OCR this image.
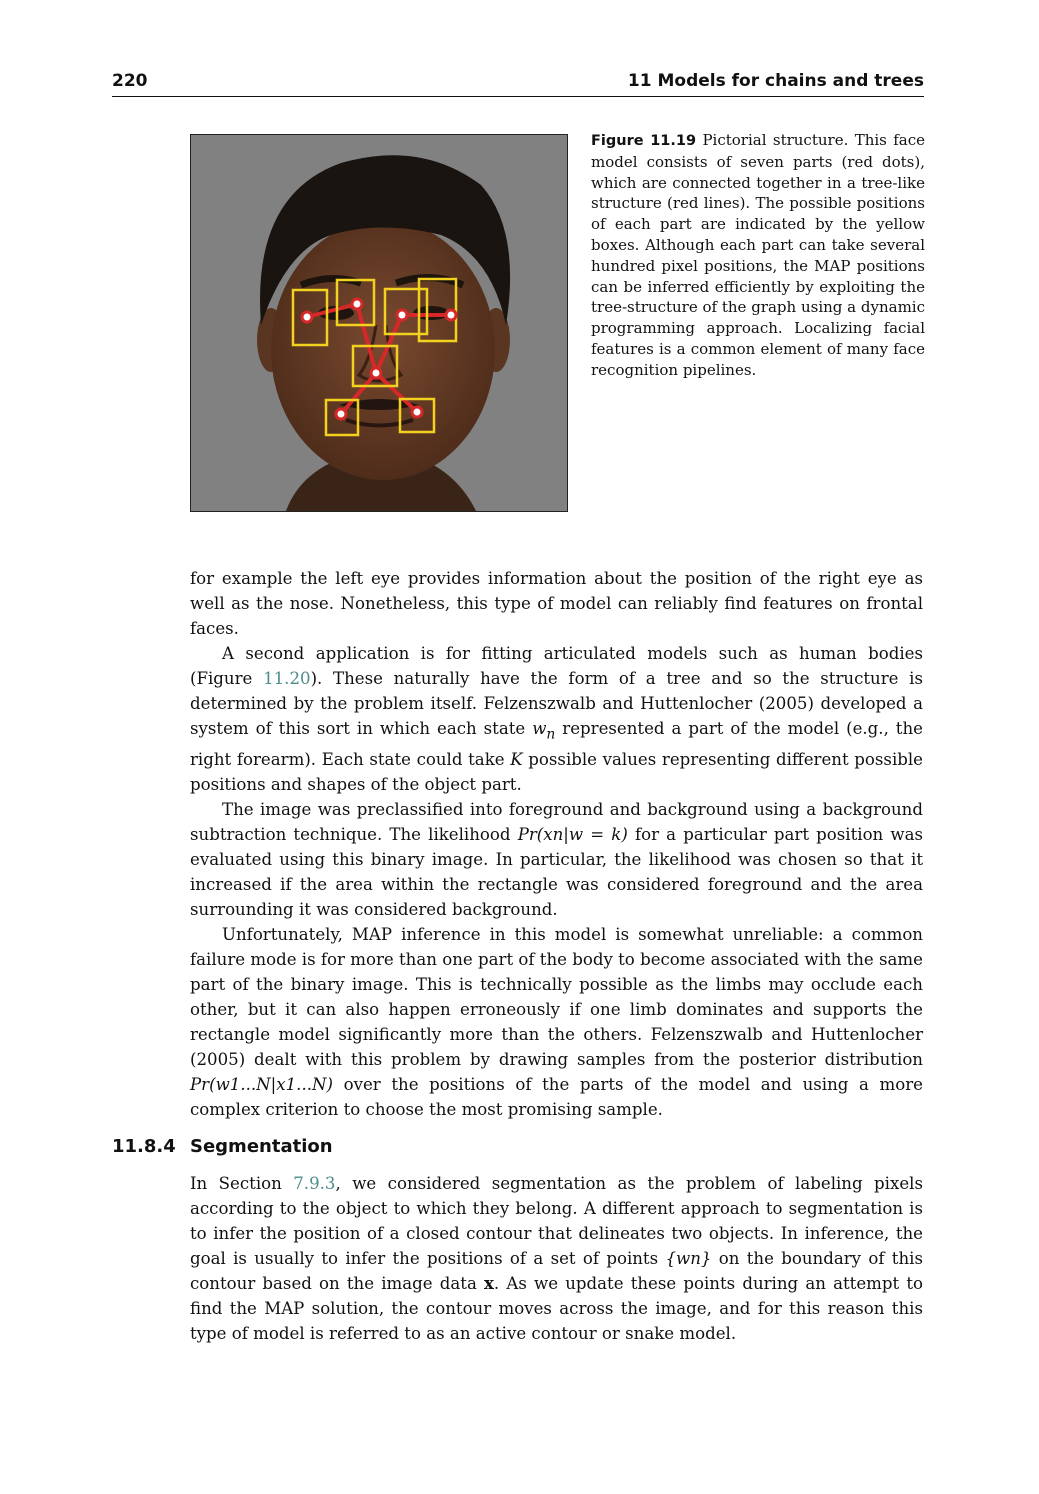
220	11 Models for chains and trees
Figure 11.19 Pictorial structure. This face model consists of seven parts (red dots), which are connected together in a tree-like structure (red lines). The possible positions of each part are indicated by the yellow boxes. Although each part can take several hundred pixel positions, the MAP positions can be inferred efficiently by exploiting the tree-structure of the graph using a dynamic programming approach. Localizing facial features is a common element of many face recognition pipelines.

for example the left eye provides information about the position of the right eye as well as the nose. Nonetheless, this type of model can reliably find features on frontal faces.

A second application is for fitting articulated models such as human bodies (Figure 11.20). These naturally have the form of a tree and so the structure is determined by the problem itself. Felzenszwalb and Huttenlocher (2005) developed a system of this sort in which each state $w_n$ represented a part of the model (e.g., the right forearm). Each state could take K possible values representing different possible positions and shapes of the object part.

The image was preclassified into foreground and background using a background subtraction technique. The likelihood Pr(xn|w = k) for a particular part position was evaluated using this binary image. In particular, the likelihood was chosen so that it increased if the area within the rectangle was considered foreground and the area surrounding it was considered background.

Unfortunately, MAP inference in this model is somewhat unreliable: a common failure mode is for more than one part of the body to become associated with the same part of the binary image. This is technically possible as the limbs may occlude each other, but it can also happen erroneously if one limb dominates and supports the rectangle model significantly more than the others. Felzenszwalb and Huttenlocher (2005) dealt with this problem by drawing samples from the posterior distribution Pr(w1...N|x1...N) over the positions of the parts of the model and using a more complex criterion to choose the most promising sample.

11.8.4 Segmentation

In Section 7.9.3, we considered segmentation as the problem of labeling pixels according to the object to which they belong. A different approach to segmentation is to infer the position of a closed contour that delineates two objects. In inference, the goal is usually to infer the positions of a set of points {wn} on the boundary of this contour based on the image data x. As we update these points during an attempt to find the MAP solution, the contour moves across the image, and for this reason this type of model is referred to as an active contour or snake model.
